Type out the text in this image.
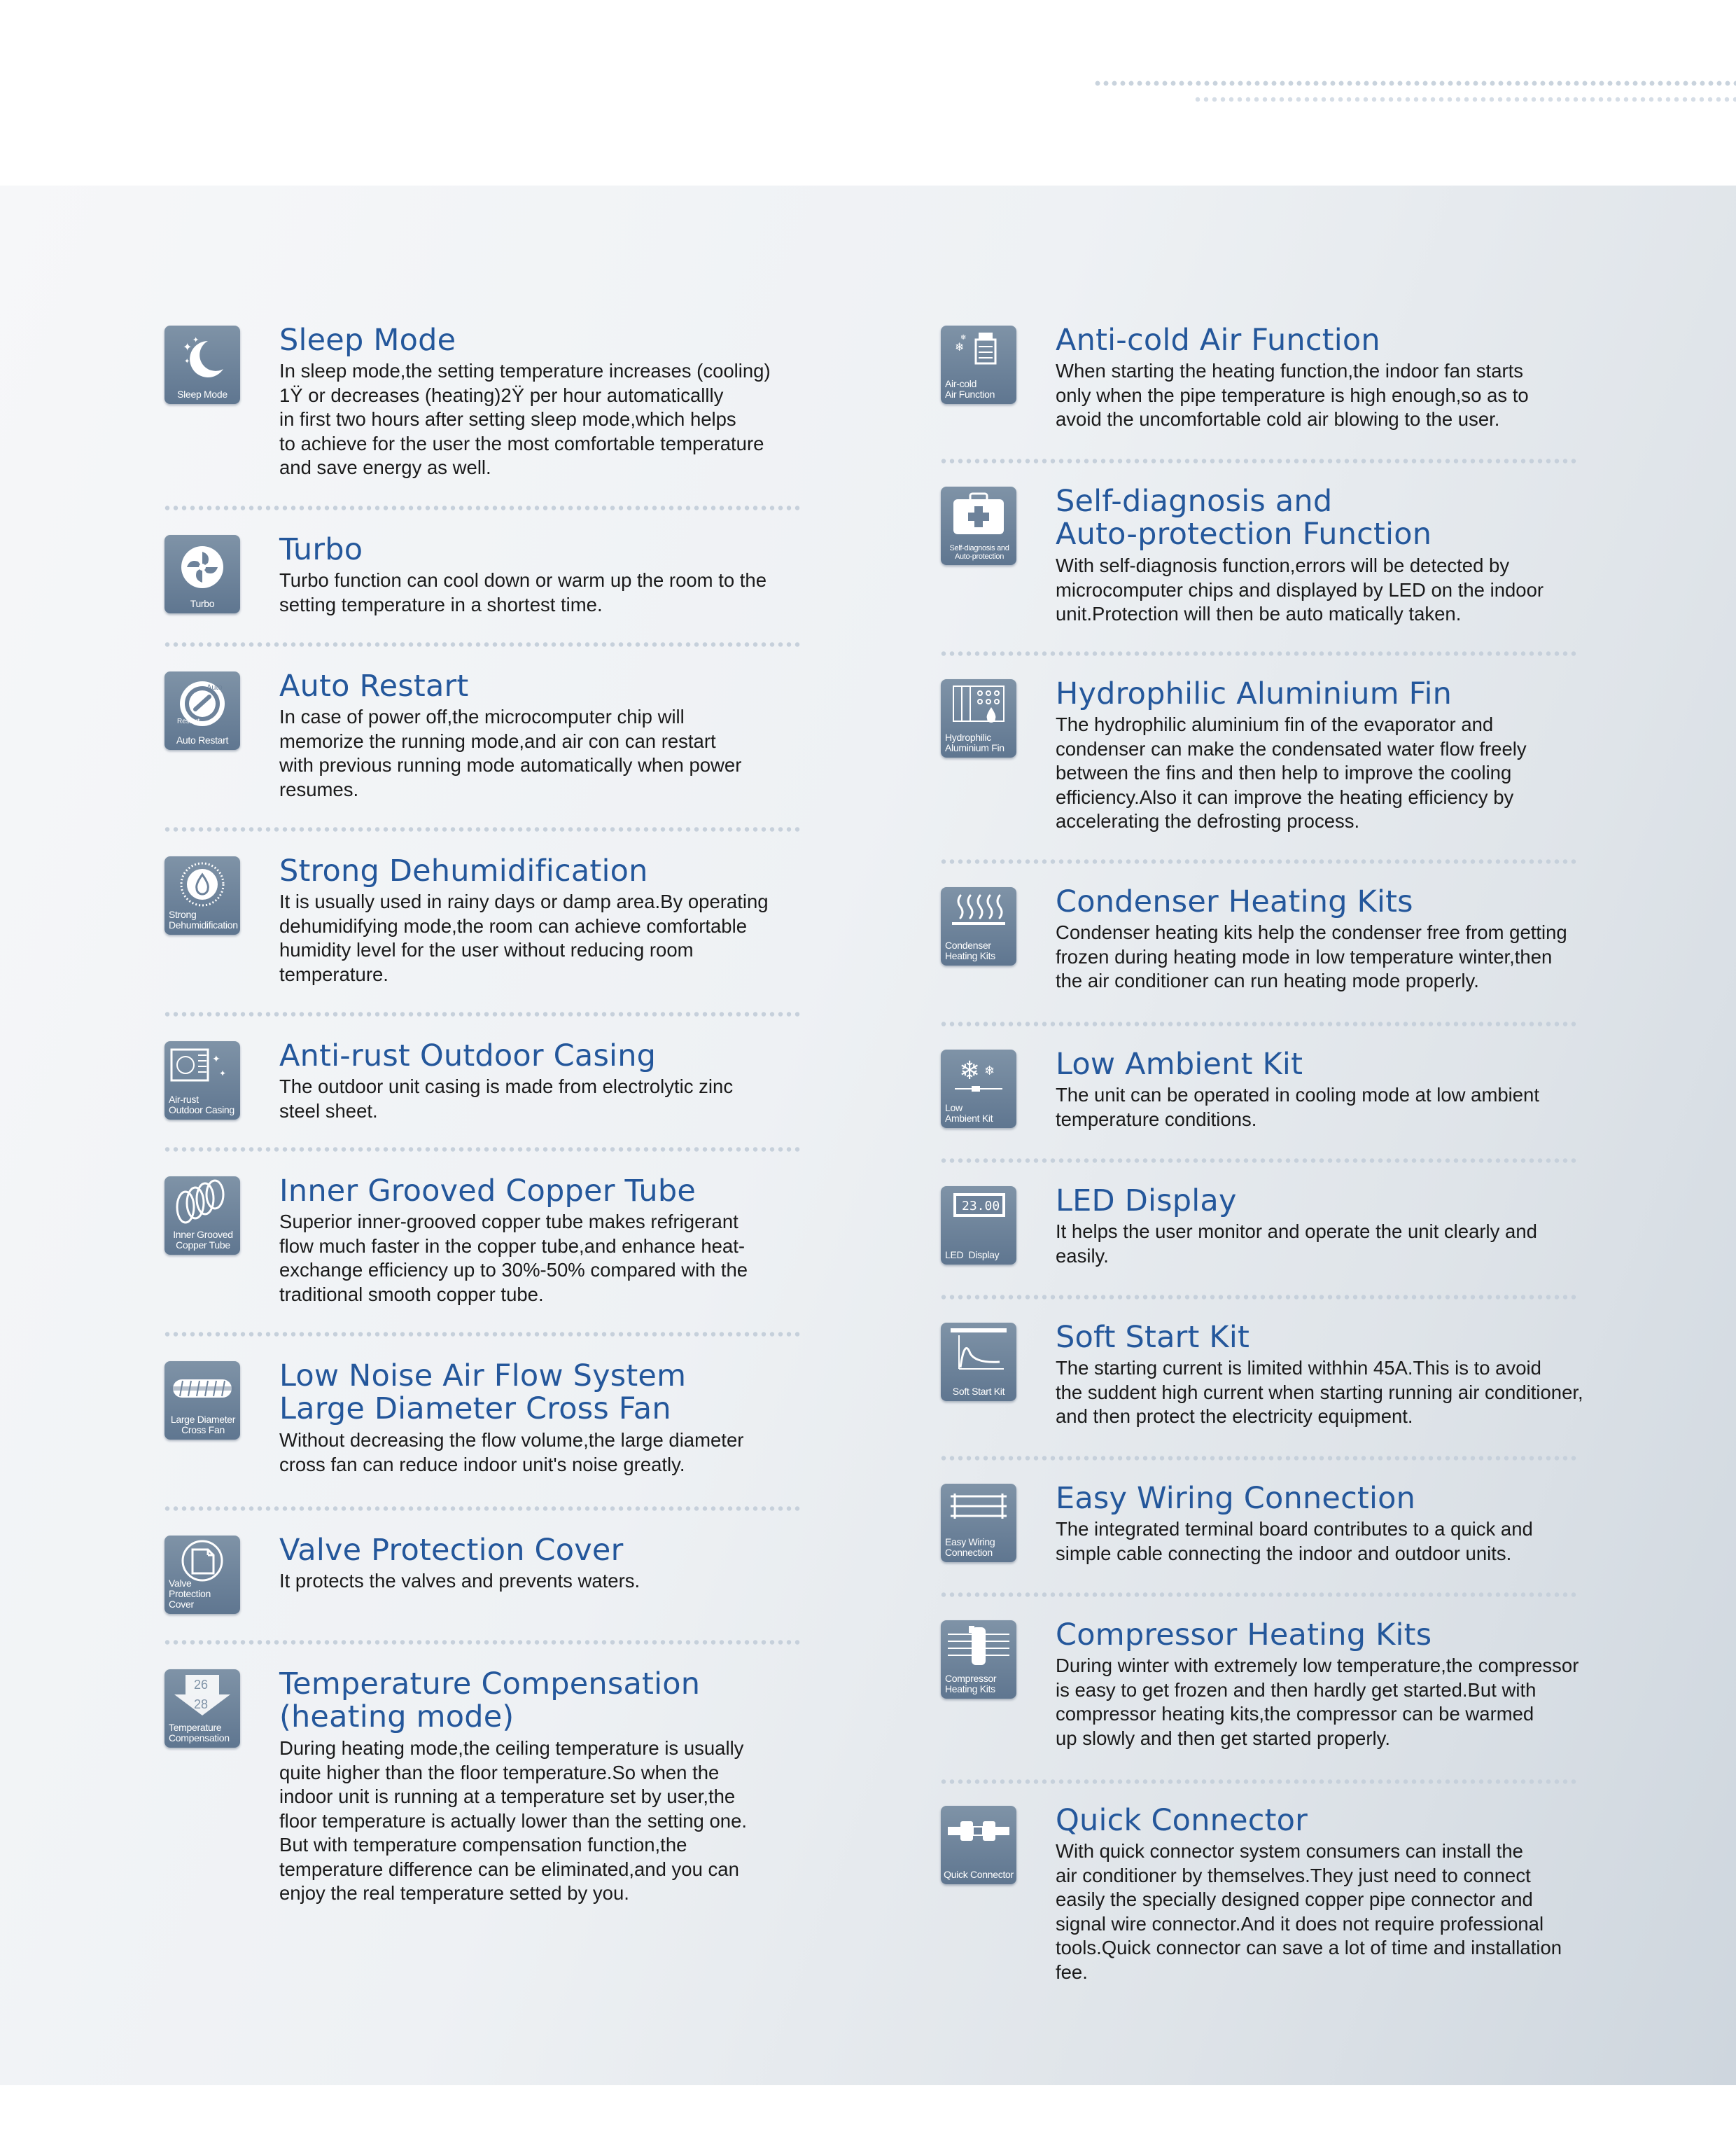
✦
✦
✦
Sleep Mode
Sleep Mode
In sleep mode,the setting temperature increases (cooling)
1Ÿ or decreases (heating)2Ÿ per hour automaticallly
in first two hours after setting sleep mode,which helps
to achieve for the user the most comfortable temperature
and save energy as well.
Turbo
Turbo
Turbo function can cool down or warm up the room to the
setting temperature in a shortest time.
Auto
Restart
Auto Restart
Auto Restart
In case of power off,the microcomputer chip will
memorize the running mode,and air con can restart
with previous running mode automatically when power
resumes.
Strong
Dehumidification
Strong Dehumidification
It is usually used in rainy days or damp area.By operating
dehumidifying mode,the room can achieve comfortable
humidity level for the user without reducing room
temperature.
✦
✦
Air-rust
Outdoor Casing
Anti-rust Outdoor Casing
The outdoor unit casing is made from electrolytic zinc
steel sheet.
Inner Grooved
Copper Tube
Inner Grooved Copper Tube
Superior inner-grooved copper tube makes refrigerant
flow much faster in the copper tube,and enhance heat-
exchange efficiency up to 30%-50% compared with the
traditional smooth copper tube.
Large Diameter
Cross Fan
Low Noise Air Flow System
Large Diameter Cross Fan
Without decreasing the flow volume,the large diameter
cross fan can reduce indoor unit's noise greatly.
Valve
Protection Cover
Valve Protection Cover
It protects the valves and prevents waters.
26
28
Temperature
Compensation
Temperature Compensation
(heating mode)
During heating mode,the ceiling temperature is usually
quite higher than the floor temperature.So when the
indoor unit is running at a temperature set by user,the
floor temperature is actually lower than the setting one.
But with temperature compensation function,the
temperature difference can be eliminated,and you can
enjoy the real temperature setted by you.
❄
❄
Air-cold
Air Function
Anti-cold Air Function
When starting the heating function,the indoor fan starts
only when the pipe temperature is high enough,so as to
avoid the uncomfortable cold air blowing to the user.
Self-diagnosis and
Auto-protection
Self-diagnosis and
Auto-protection Function
With self-diagnosis function,errors will be detected by
microcomputer chips and displayed by LED on the indoor
unit.Protection will then be auto matically taken.
Hydrophilic
Aluminium Fin
Hydrophilic Aluminium Fin
The hydrophilic aluminium fin of the evaporator and
condenser can make the condensated water flow freely
between the fins and then help to improve the cooling
efficiency.Also it can improve the heating efficiency by
accelerating the defrosting process.
Condenser
Heating Kits
Condenser Heating Kits
Condenser heating kits help the condenser free from getting
frozen during heating mode in low temperature winter,then
the air conditioner can run heating mode properly.
❄ ❄
Low
Ambient Kit
Low Ambient Kit
The unit can be operated in cooling mode at low ambient
temperature conditions.
23.00
LED  Display
LED Display
It helps the user monitor and operate the unit clearly and
easily.
Soft Start Kit
Soft Start Kit
The starting current is limited withhin 45A.This is to avoid
the suddent high current when starting running air conditioner,
and then protect the electricity equipment.
Easy Wiring
Connection
Easy Wiring Connection
The integrated terminal board contributes to a quick and
simple cable connecting the indoor and outdoor units.
Compressor
Heating Kits
Compressor Heating Kits
During winter with extremely low temperature,the compressor
is easy to get frozen and then hardly get started.But with
compressor heating kits,the compressor can be warmed
up slowly and then get started properly.
Quick Connector
Quick Connector
With quick connector system consumers can install the
air conditioner by themselves.They just need to connect
easily the specially designed copper pipe connector and
signal wire connector.And it does not require professional
tools.Quick connector can save a lot of time and installation
fee.
